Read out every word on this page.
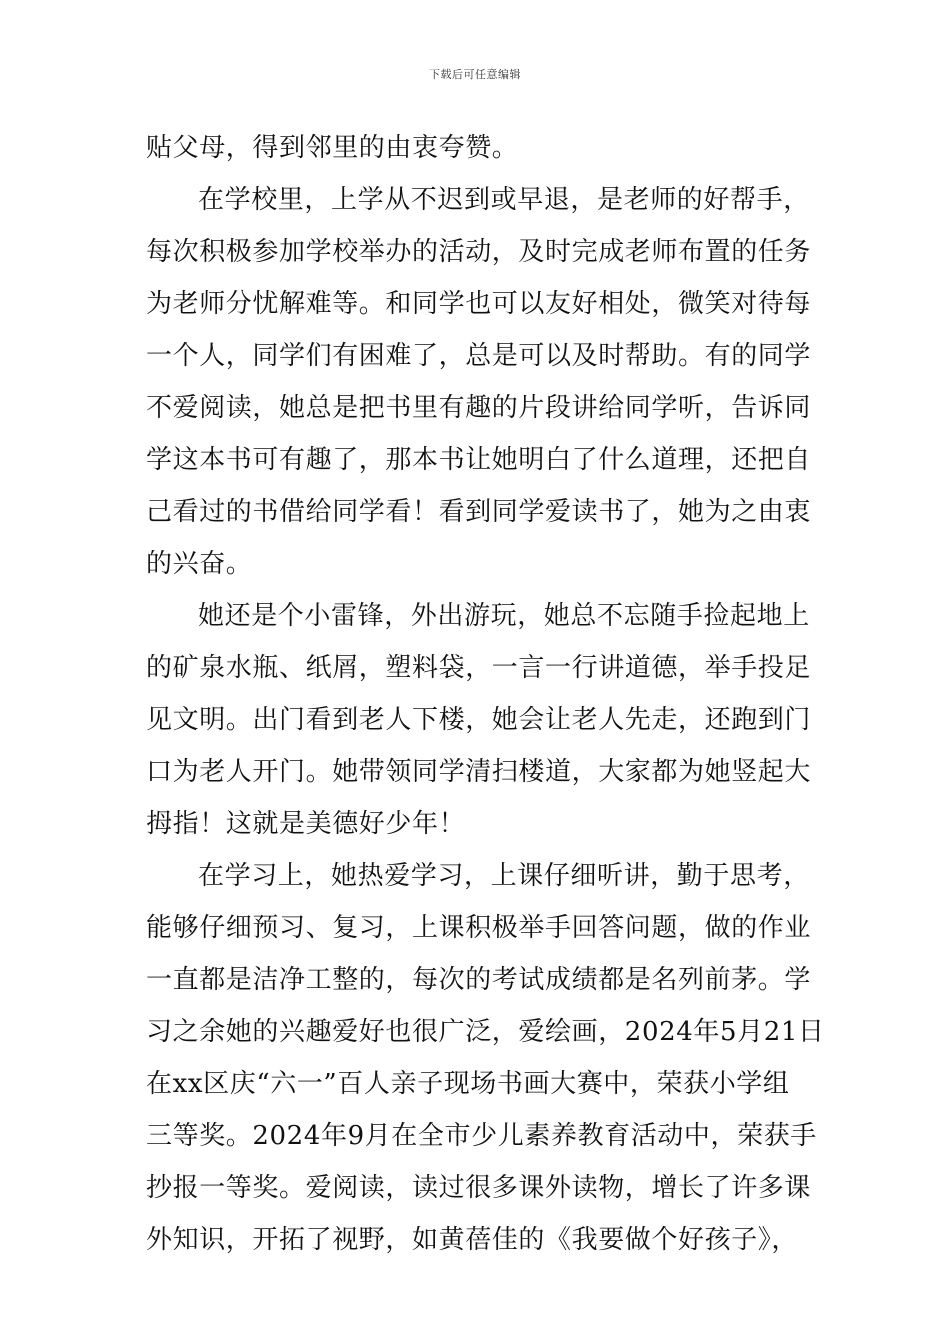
下载后可任意编辑
贴父母，得到邻里的由衷夸赞。
在学校里，上学从不迟到或早退，是老师的好帮手，
每次积极参加学校举办的活动，及时完成老师布置的任务
为老师分忧解难等。和同学也可以友好相处，微笑对待每
一个人，同学们有困难了，总是可以及时帮助。有的同学
不爱阅读，她总是把书里有趣的片段讲给同学听，告诉同
学这本书可有趣了，那本书让她明白了什么道理，还把自
己看过的书借给同学看！看到同学爱读书了，她为之由衷
的兴奋。
她还是个小雷锋，外出游玩，她总不忘随手捡起地上
的矿泉水瓶、纸屑，塑料袋，一言一行讲道德，举手投足
见文明。出门看到老人下楼，她会让老人先走，还跑到门
口为老人开门。她带领同学清扫楼道，大家都为她竖起大
拇指！这就是美德好少年！
在学习上，她热爱学习，上课仔细听讲，勤于思考，
能够仔细预习、复习，上课积极举手回答问题，做的作业
一直都是洁净工整的，每次的考试成绩都是名列前茅。学
习之余她的兴趣爱好也很广泛，爱绘画，2024年5月21日
在xx区庆“六一”百人亲子现场书画大赛中，荣获小学组
三等奖。2024年9月在全市少儿素养教育活动中，荣获手
抄报一等奖。爱阅读，读过很多课外读物，增长了许多课
外知识，开拓了视野，如黄蓓佳的《我要做个好孩子》，
